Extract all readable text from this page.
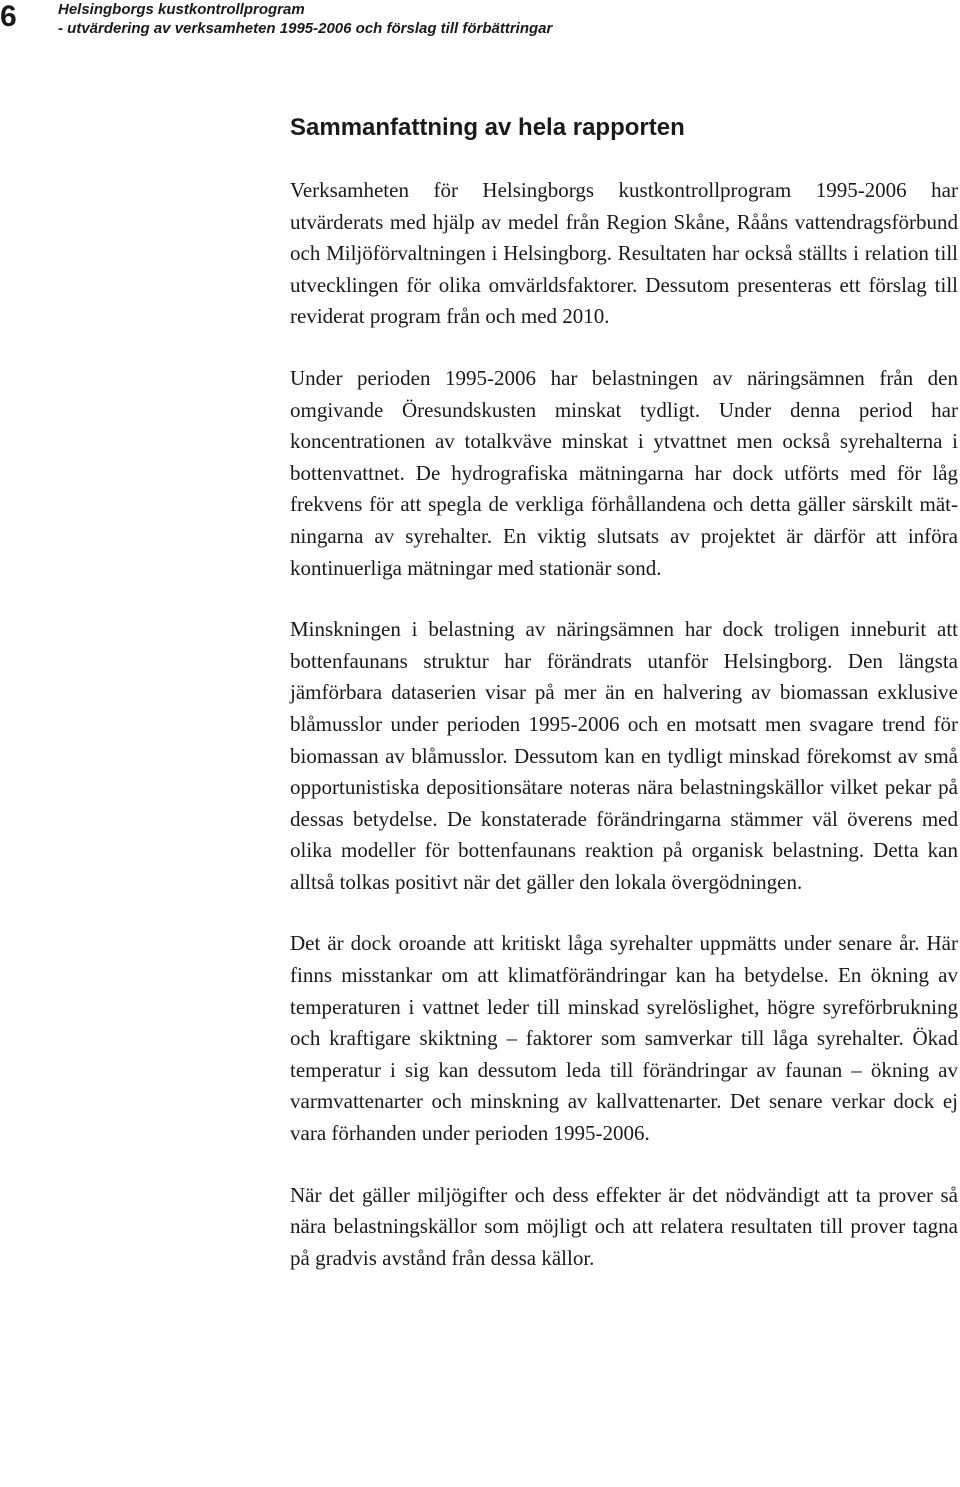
6	Helsingborgs kustkontrollprogram
- utvärdering av verksamheten 1995-2006 och förslag till förbättringar
Sammanfattning av hela rapporten

Verksamheten för Helsingborgs kustkontrollprogram 1995-2006 har utvärderats med hjälp av medel från Region Skåne, Rååns vattendragsförbund och Miljöförvaltningen i Helsingborg. Resultaten har också ställts i relation till utvecklingen för olika omvärldsfaktorer. Dessutom presenteras ett förslag till reviderat program från och med 2010.

Under perioden 1995-2006 har belastningen av näringsämnen från den omgivande Öresundskusten minskat tydligt. Under denna period har koncentrationen av totalkväve minskat i ytvattnet men också syrehalterna i bottenvattnet. De hydrografiska mätningarna har dock utförts med för låg frekvens för att spegla de verkliga förhållandena och detta gäller särskilt mätningarna av syrehalter. En viktig slutsats av projektet är därför att införa kontinuerliga mätningar med stationär sond.

Minskningen i belastning av näringsämnen har dock troligen inneburit att bottenfaunans struktur har förändrats utanför Helsingborg. Den längsta jämförbara dataserien visar på mer än en halvering av biomassan exklusive blåmusslor under perioden 1995-2006 och en motsatt men svagare trend för biomassan av blåmusslor. Dessutom kan en tydligt minskad förekomst av små opportunistiska depositionsätare noteras nära belastningskällor vilket pekar på dessas betydelse. De konstaterade förändringarna stämmer väl överens med olika modeller för bottenfaunans reaktion på organisk belastning. Detta kan alltså tolkas positivt när det gäller den lokala övergödningen.

Det är dock oroande att kritiskt låga syrehalter uppmätts under senare år. Här finns misstankar om att klimatförändringar kan ha betydelse. En ökning av temperaturen i vattnet leder till minskad syrelöslighet, högre syreförbrukning och kraftigare skiktning – faktorer som samverkar till låga syrehalter. Ökad temperatur i sig kan dessutom leda till förändringar av faunan – ökning av varmvattenarter och minskning av kallvattenarter. Det senare verkar dock ej vara förhanden under perioden 1995-2006.

När det gäller miljögifter och dess effekter är det nödvändigt att ta prover så nära belastningskällor som möjligt och att relatera resultaten till prover tagna på gradvis avstånd från dessa källor.
